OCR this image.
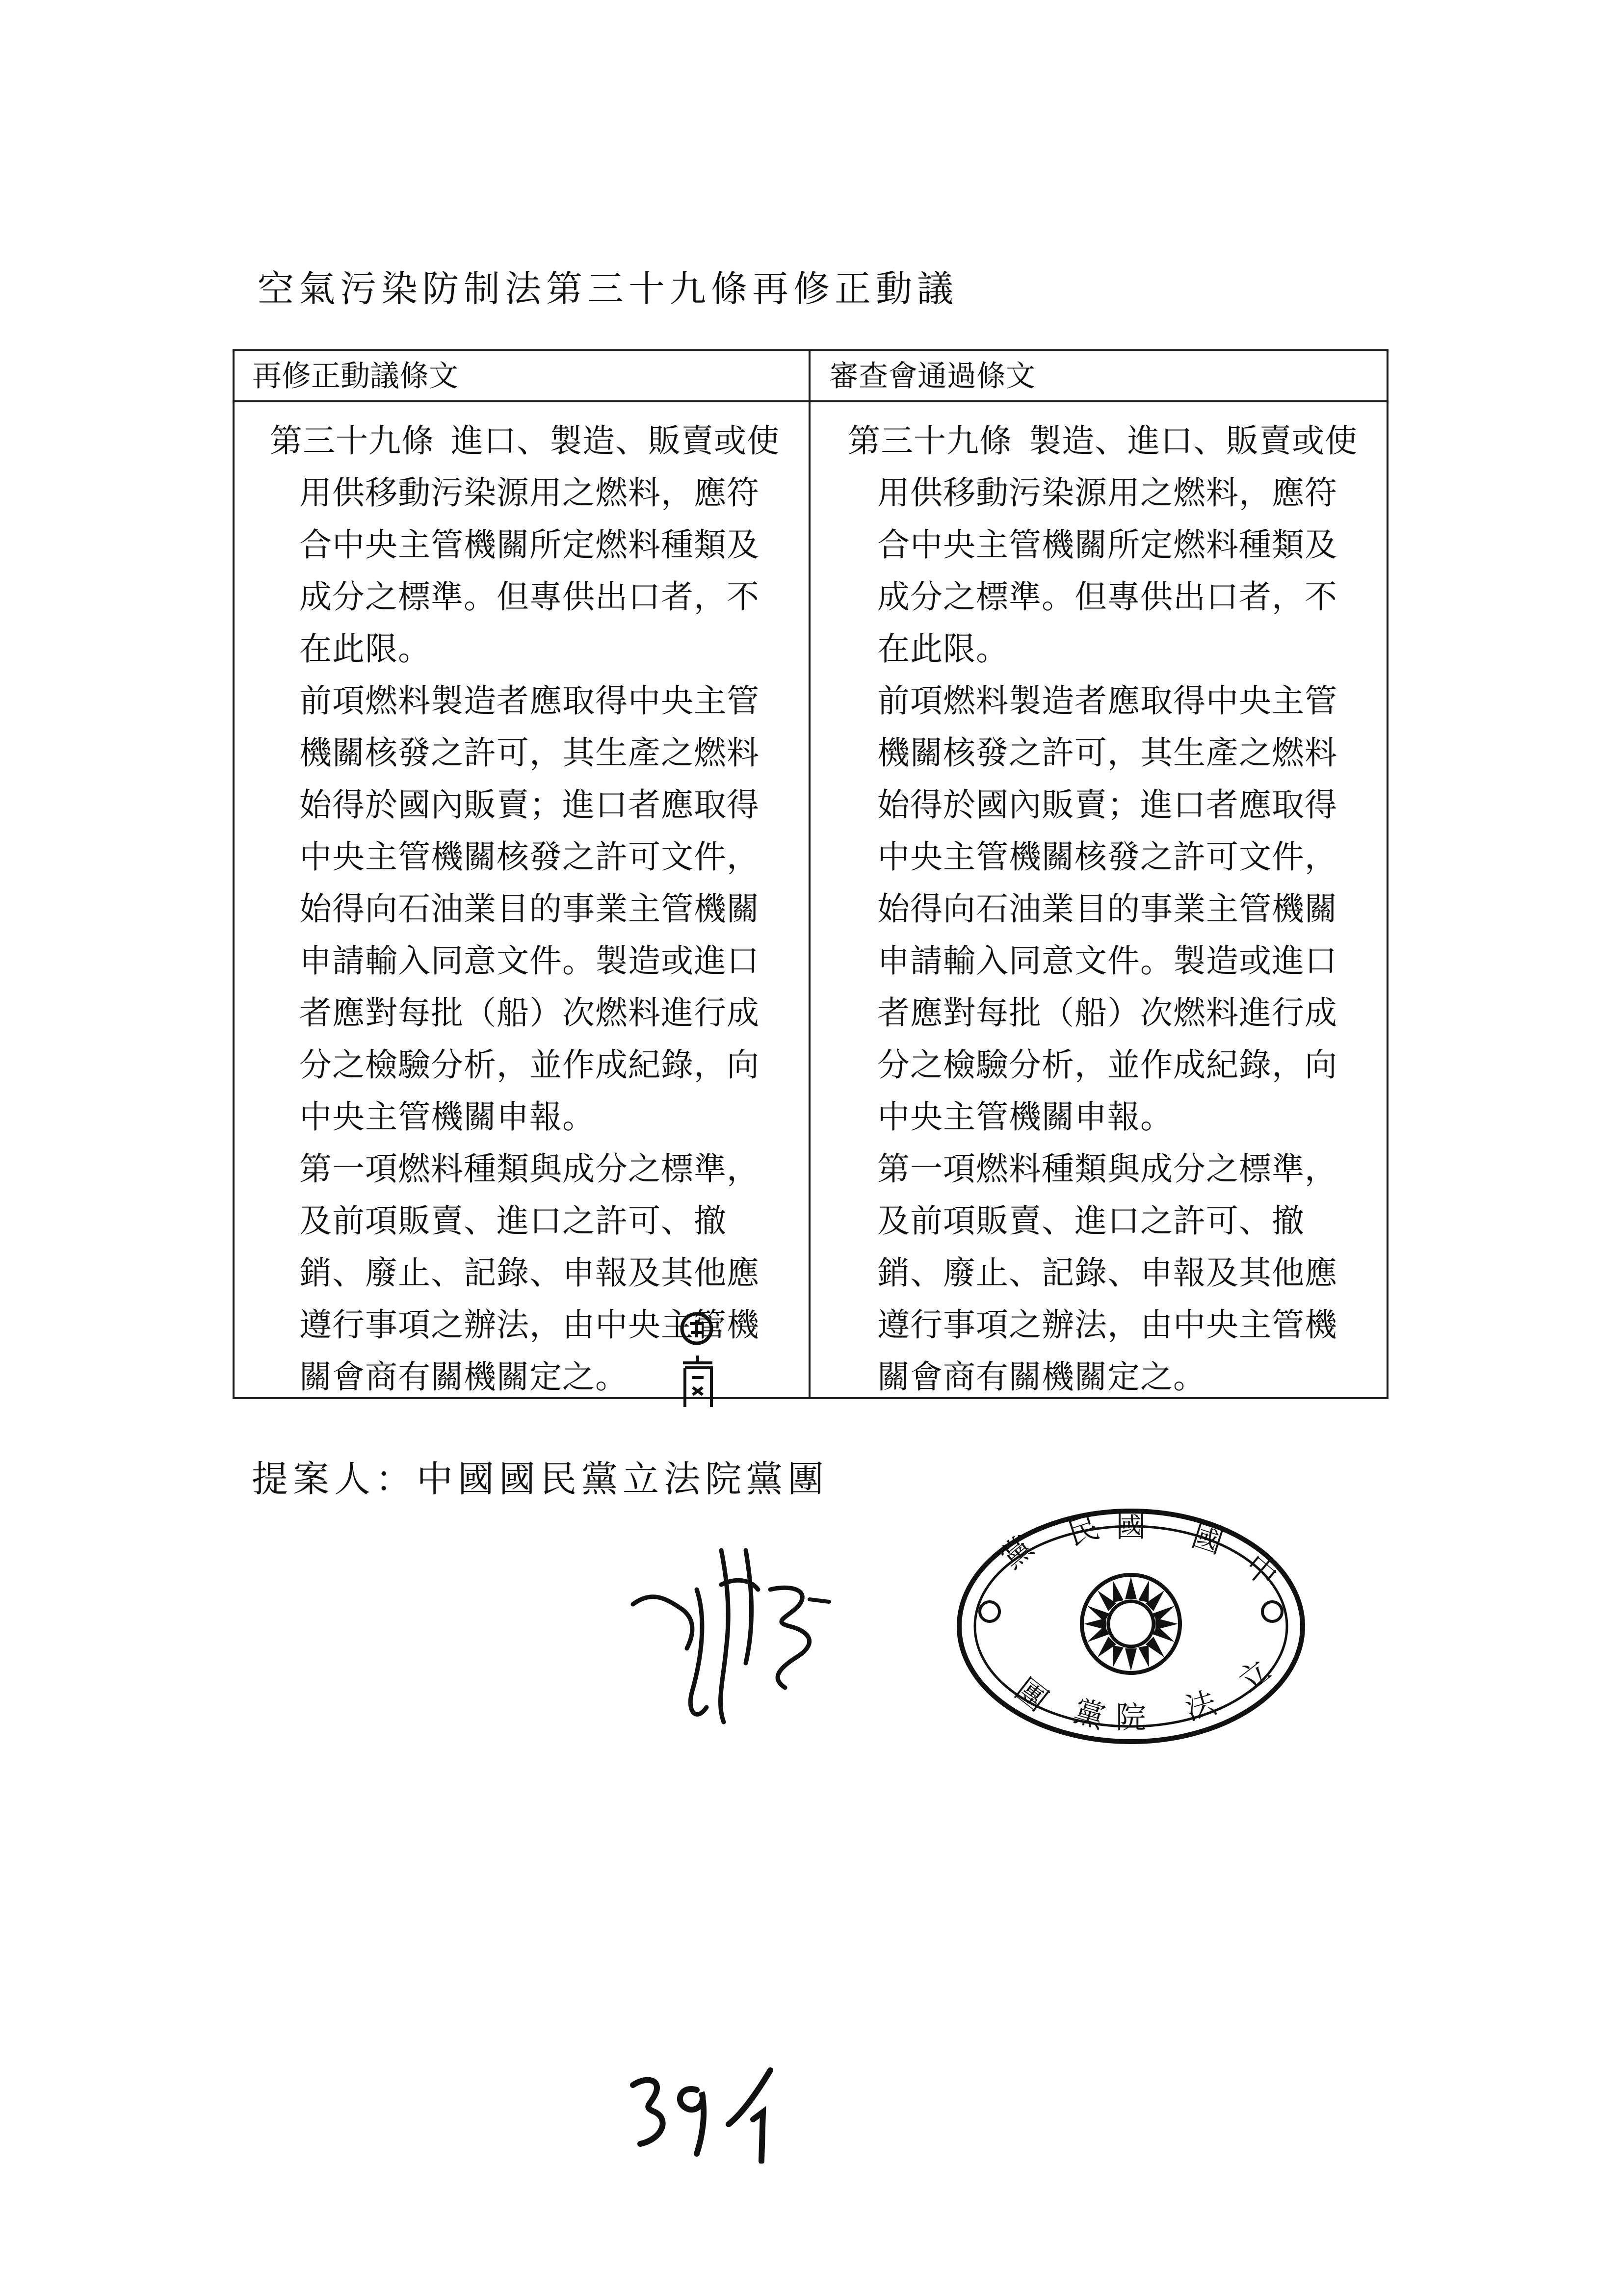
空氣污染防制法第三十九條再修正動議
再修正動議條文	審查會通過條文

第三十九條 進口、製造、販賣或使用供移動污染源用之燃料，應符合中央主管機關所定燃料種類及成分之標準。但專供出口者，不在此限。

前項燃料製造者應取得中央主管機關核發之許可，其生產之燃料始得於國內販賣；進口者應取得中央主管機關核發之許可文件，始得向石油業目的事業主管機關申請輸入同意文件。製造或進口者應對每批（船）次燃料進行成分之檢驗分析，並作成紀錄，向中央主管機關申報。

第一項燃料種類與成分之標準，及前項販賣、進口之許可、撤銷、廢止、記錄、申報及其他應遵行事項之辦法，由中央主管機關會商有關機關定之。

第三十九條 製造、進口、販賣或使用供移動污染源用之燃料，應符合中央主管機關所定燃料種類及成分之標準。但專供出口者，不在此限。

前項燃料製造者應取得中央主管機關核發之許可，其生產之燃料始得於國內販賣；進口者應取得中央主管機關核發之許可文件，始得向石油業目的事業主管機關申請輸入同意文件。製造或進口者應對每批（船）次燃料進行成分之檢驗分析，並作成紀錄，向中央主管機關申報。

第一項燃料種類與成分之標準，及前項販賣、進口之許可、撤銷、廢止、記錄、申報及其他應遵行事項之辦法，由中央主管機關會商有關機關定之。

提案人：中國國民黨立法院黨團
中
國
國
民
黨
立
法
院
黨
團
